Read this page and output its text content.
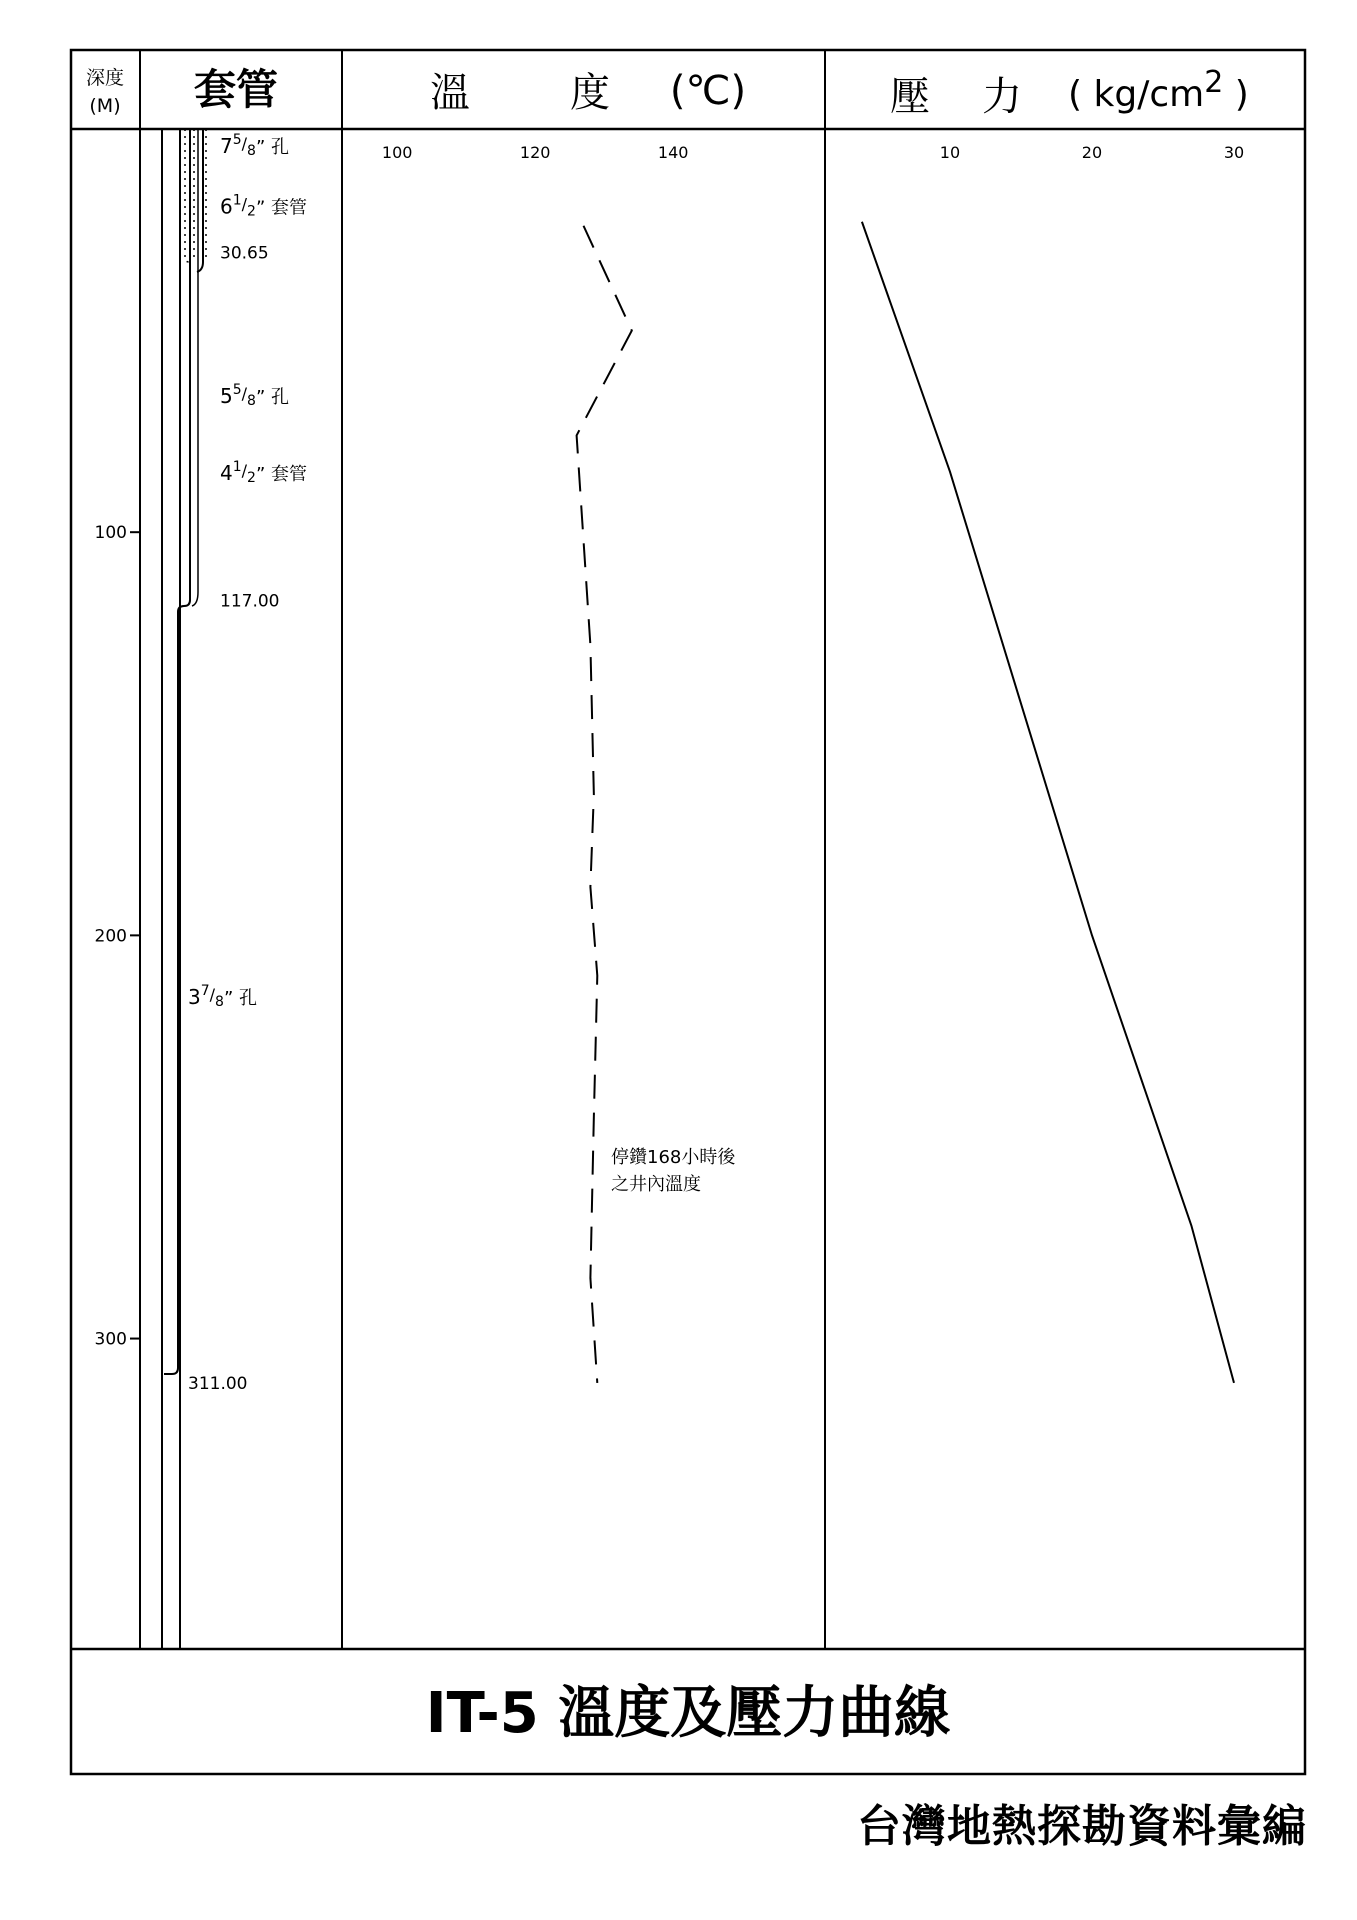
深度
(M) 套管	溫	度 (℃)	壓 力 ( $kg/cm^2$ )
100
200
300
100	120	140	10	20	30
$7^5_{/8}$” 孔
$6^1_{/2}$” 套管
$5^5_{/8}$” 孔
$4^1_{/2}$” 套管
$3^7_{/8}$” 孔
30.65
117.00
311.00
停鑽168小時後
之井內溫度
IT-5 溫度及壓力曲線
台灣地熱探勘資料彙編
